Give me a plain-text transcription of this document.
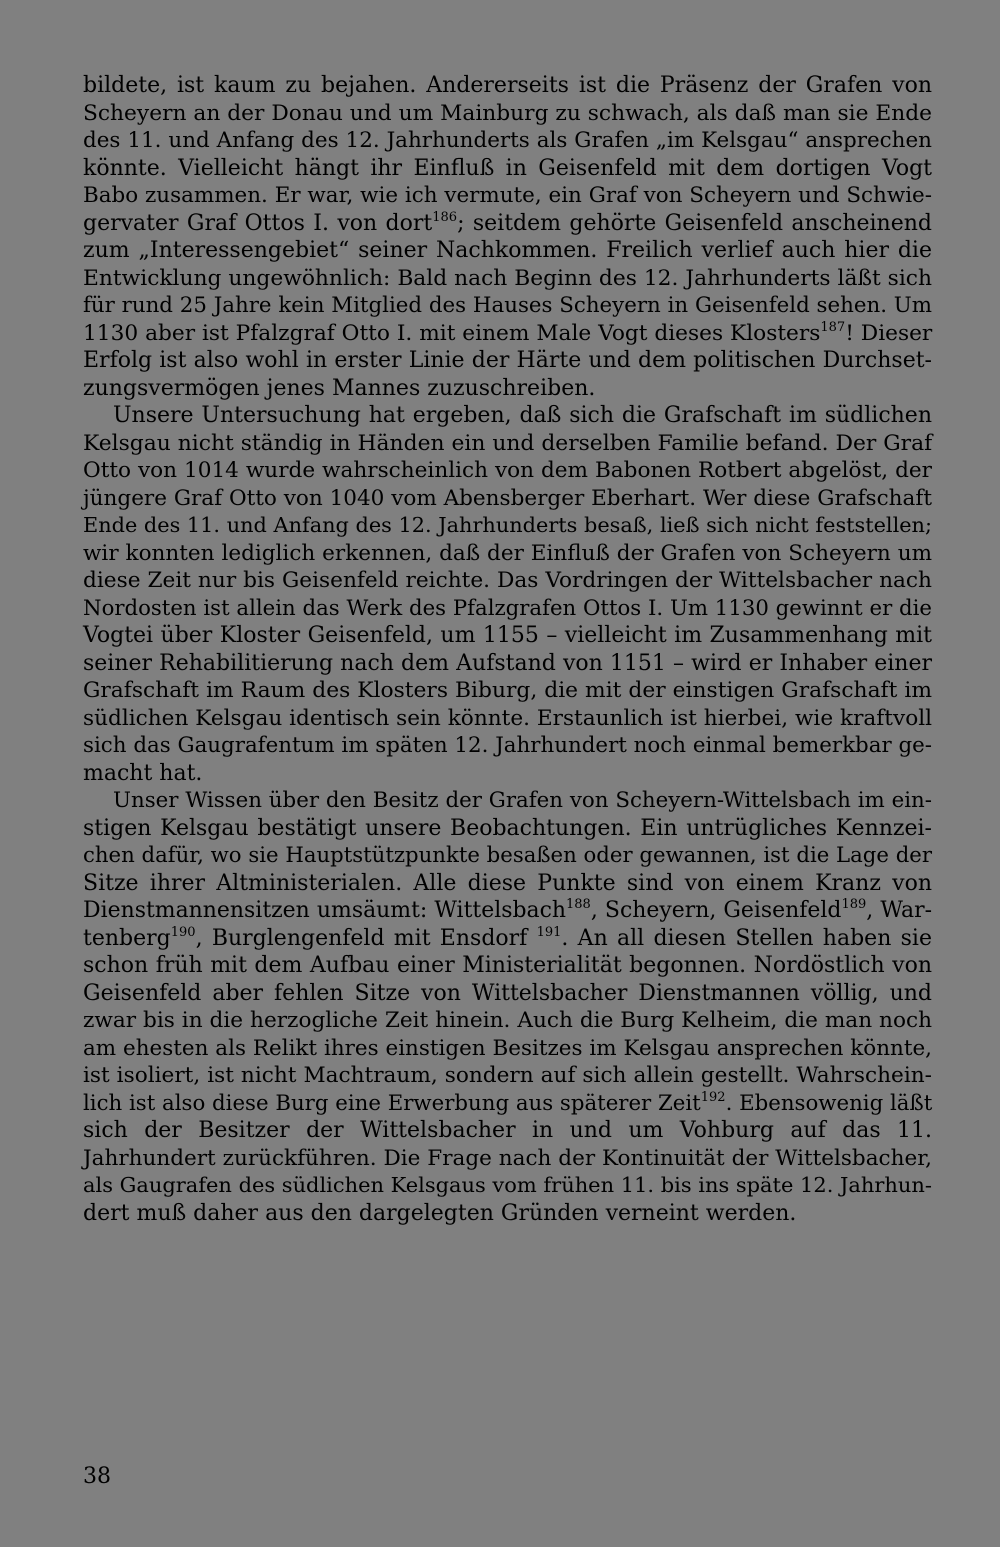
bildete, ist kaum zu bejahen. Andererseits ist die Präsenz der Grafen von
Scheyern an der Donau und um Mainburg zu schwach, als daß man sie Ende
des 11. und Anfang des 12. Jahrhunderts als Grafen „im Kelsgau“ ansprechen
könnte. Vielleicht hängt ihr Einfluß in Geisenfeld mit dem dortigen Vogt
Babo zusammen. Er war, wie ich vermute, ein Graf von Scheyern und Schwie-
gervater Graf Ottos I. von dort$^{186}$; seitdem gehörte Geisenfeld anscheinend
zum „Interessengebiet“ seiner Nachkommen. Freilich verlief auch hier die
Entwicklung ungewöhnlich: Bald nach Beginn des 12. Jahrhunderts läßt sich
für rund 25 Jahre kein Mitglied des Hauses Scheyern in Geisenfeld sehen. Um
1130 aber ist Pfalzgraf Otto I. mit einem Male Vogt dieses Klosters$^{187}$! Dieser
Erfolg ist also wohl in erster Linie der Härte und dem politischen Durchset-
zungsvermögen jenes Mannes zuzuschreiben.
Unsere Untersuchung hat ergeben, daß sich die Grafschaft im südlichen
Kelsgau nicht ständig in Händen ein und derselben Familie befand. Der Graf
Otto von 1014 wurde wahrscheinlich von dem Babonen Rotbert abgelöst, der
jüngere Graf Otto von 1040 vom Abensberger Eberhart. Wer diese Grafschaft
Ende des 11. und Anfang des 12. Jahrhunderts besaß, ließ sich nicht feststellen;
wir konnten lediglich erkennen, daß der Einfluß der Grafen von Scheyern um
diese Zeit nur bis Geisenfeld reichte. Das Vordringen der Wittelsbacher nach
Nordosten ist allein das Werk des Pfalzgrafen Ottos I. Um 1130 gewinnt er die
Vogtei über Kloster Geisenfeld, um 1155 – vielleicht im Zusammenhang mit
seiner Rehabilitierung nach dem Aufstand von 1151 – wird er Inhaber einer
Grafschaft im Raum des Klosters Biburg, die mit der einstigen Grafschaft im
südlichen Kelsgau identisch sein könnte. Erstaunlich ist hierbei, wie kraftvoll
sich das Gaugrafentum im späten 12. Jahrhundert noch einmal bemerkbar ge-
macht hat.
Unser Wissen über den Besitz der Grafen von Scheyern-Wittelsbach im ein-
stigen Kelsgau bestätigt unsere Beobachtungen. Ein untrügliches Kennzei-
chen dafür, wo sie Hauptstützpunkte besaßen oder gewannen, ist die Lage der
Sitze ihrer Altministerialen. Alle diese Punkte sind von einem Kranz von
Dienstmannensitzen umsäumt: Wittelsbach$^{188}$, Scheyern, Geisenfeld$^{189}$, War-
tenberg$^{190}$, Burglengenfeld mit Ensdorf $^{191}$. An all diesen Stellen haben sie
schon früh mit dem Aufbau einer Ministerialität begonnen. Nordöstlich von
Geisenfeld aber fehlen Sitze von Wittelsbacher Dienstmannen völlig, und
zwar bis in die herzogliche Zeit hinein. Auch die Burg Kelheim, die man noch
am ehesten als Relikt ihres einstigen Besitzes im Kelsgau ansprechen könnte,
ist isoliert, ist nicht Machtraum, sondern auf sich allein gestellt. Wahrschein-
lich ist also diese Burg eine Erwerbung aus späterer Zeit$^{192}$. Ebensowenig läßt
sich der Besitzer der Wittelsbacher in und um Vohburg auf das 11.
Jahrhundert zurückführen. Die Frage nach der Kontinuität der Wittelsbacher,
als Gaugrafen des südlichen Kelsgaus vom frühen 11. bis ins späte 12. Jahrhun-
dert muß daher aus den dargelegten Gründen verneint werden.
38
